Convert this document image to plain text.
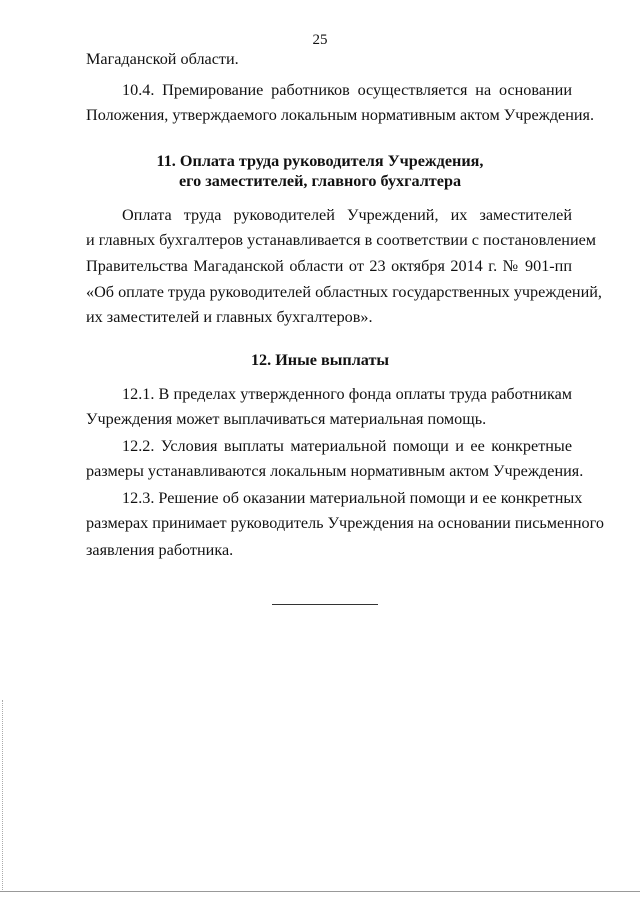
25
Магаданской области.
10.4. Премирование работников осуществляется на основании
Положения, утверждаемого локальным нормативным актом Учреждения.
11. Оплата труда руководителя Учреждения,
его заместителей, главного бухгалтера
Оплата труда руководителей Учреждений, их заместителей
и главных бухгалтеров устанавливается в соответствии с постановлением
Правительства Магаданской области от 23 октября 2014 г. № 901-пп
«Об оплате труда руководителей областных государственных учреждений,
их заместителей и главных бухгалтеров».
12. Иные выплаты
12.1. В пределах утвержденного фонда оплаты труда работникам
Учреждения может выплачиваться материальная помощь.
12.2. Условия выплаты материальной помощи и ее конкретные
размеры устанавливаются локальным нормативным актом Учреждения.
12.3. Решение об оказании материальной помощи и ее конкретных
размерах принимает руководитель Учреждения на основании письменного
заявления работника.
